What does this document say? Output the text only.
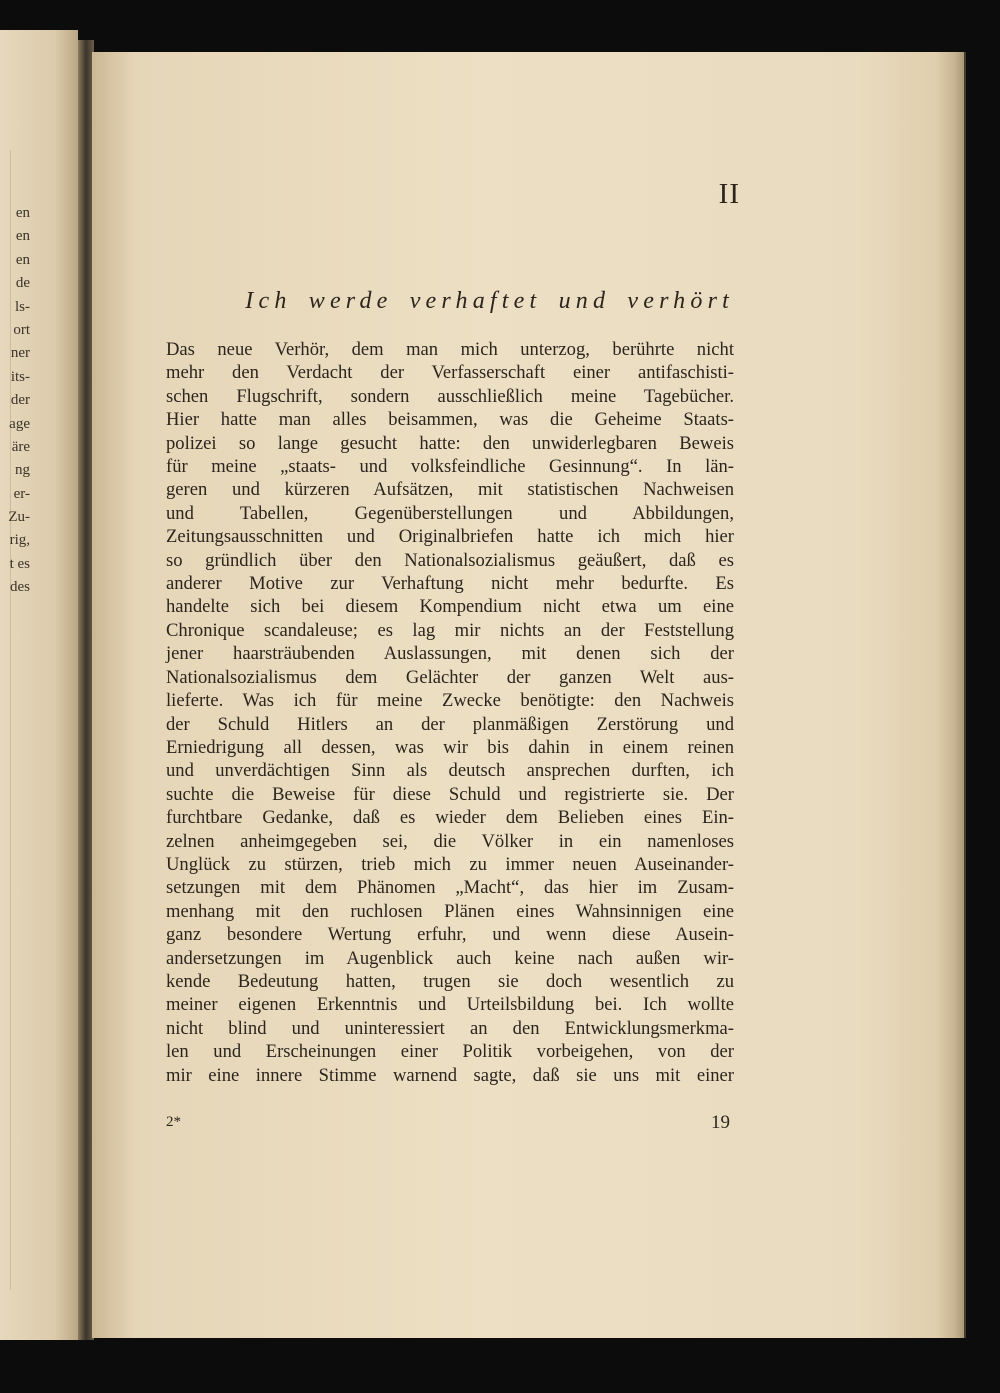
en
en
en
de
ls-
ort
ner
its-
der
age
äre
ng
er-
Zu-
rig,
t es
des
II
Ich werde verhaftet und verhört
Das neue Verhör, dem man mich unterzog, berührte nicht
mehr den Verdacht der Verfasserschaft einer antifaschisti-
schen Flugschrift, sondern ausschließlich meine Tagebücher.
Hier hatte man alles beisammen, was die Geheime Staats-
polizei so lange gesucht hatte: den unwiderlegbaren Beweis
für meine „staats- und volksfeindliche Gesinnung“. In län-
geren und kürzeren Aufsätzen, mit statistischen Nachweisen
und Tabellen, Gegenüberstellungen und Abbildungen,
Zeitungsausschnitten und Originalbriefen hatte ich mich hier
so gründlich über den Nationalsozialismus geäußert, daß es
anderer Motive zur Verhaftung nicht mehr bedurfte. Es
handelte sich bei diesem Kompendium nicht etwa um eine
Chronique scandaleuse; es lag mir nichts an der Feststellung
jener haarsträubenden Auslassungen, mit denen sich der
Nationalsozialismus dem Gelächter der ganzen Welt aus-
lieferte. Was ich für meine Zwecke benötigte: den Nachweis
der Schuld Hitlers an der planmäßigen Zerstörung und
Erniedrigung all dessen, was wir bis dahin in einem reinen
und unverdächtigen Sinn als deutsch ansprechen durften, ich
suchte die Beweise für diese Schuld und registrierte sie. Der
furchtbare Gedanke, daß es wieder dem Belieben eines Ein-
zelnen anheimgegeben sei, die Völker in ein namenloses
Unglück zu stürzen, trieb mich zu immer neuen Auseinander-
setzungen mit dem Phänomen „Macht“, das hier im Zusam-
menhang mit den ruchlosen Plänen eines Wahnsinnigen eine
ganz besondere Wertung erfuhr, und wenn diese Ausein-
andersetzungen im Augenblick auch keine nach außen wir-
kende Bedeutung hatten, trugen sie doch wesentlich zu
meiner eigenen Erkenntnis und Urteilsbildung bei. Ich wollte
nicht blind und uninteressiert an den Entwicklungsmerkma-
len und Erscheinungen einer Politik vorbeigehen, von der
mir eine innere Stimme warnend sagte, daß sie uns mit einer
2*	19
